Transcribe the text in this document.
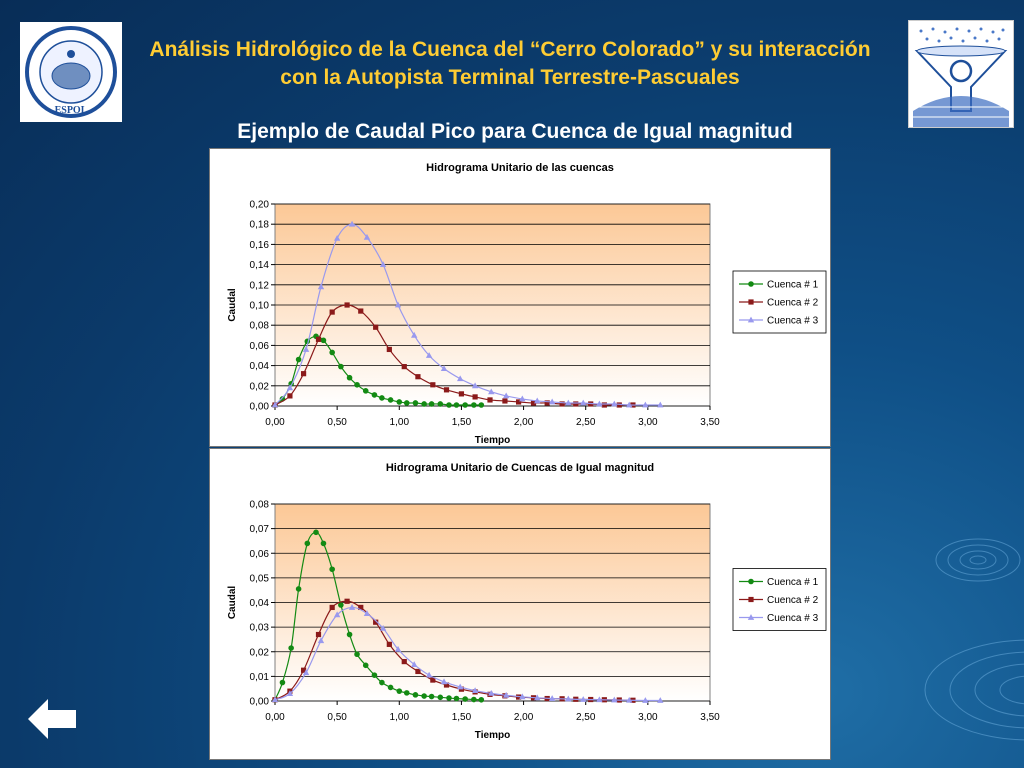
ESPOL
Análisis Hidrológico de la Cuenca del “Cerro Colorado” y su interacción con la Autopista Terminal Terrestre-Pascuales
Ejemplo de Caudal Pico para Cuenca de Igual magnitud
Hidrograma Unitario de las cuencas
0,00
0,02
0,04
0,06
0,08
0,10
0,12
0,14
0,16
0,18
0,20
0,00	0,50	1,00	1,50	2,00	2,50	3,00	3,50
Tiempo
Caudal
Cuenca # 1
Cuenca # 2
Cuenca # 3
Hidrograma Unitario de Cuencas de Igual magnitud
0,00
0,01
0,02
0,03
0,04
0,05
0,06
0,07
0,08
0,00	0,50	1,00	1,50	2,00	2,50	3,00	3,50
Tiempo
Caudal
Cuenca # 1
Cuenca # 2
Cuenca # 3
